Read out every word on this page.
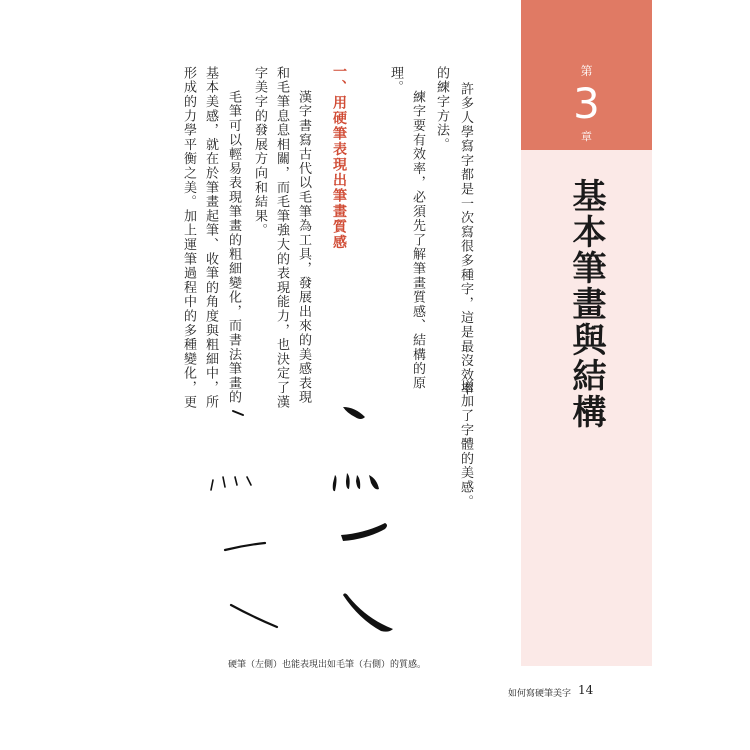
第
3
章
基本筆畫與結構
許多人學寫字都是一次寫很多種字，這是最沒效率
增加了字體的美感。
的練字方法。
練字要有效率，必須先了解筆畫質感、結構的原
理。
一、用硬筆表現出筆畫質感
漢字書寫古代以毛筆為工具，發展出來的美感表現
和毛筆息息相關，而毛筆強大的表現能力，也決定了漢
字美字的發展方向和結果。
毛筆可以輕易表現筆畫的粗細變化，而書法筆畫的
基本美感，就在於筆畫起筆、收筆的角度與粗細中，所
形成的力學平衡之美。加上運筆過程中的多種變化，更
硬筆（左側）也能表現出如毛筆（右側）的質感。
如何寫硬筆美字 14
